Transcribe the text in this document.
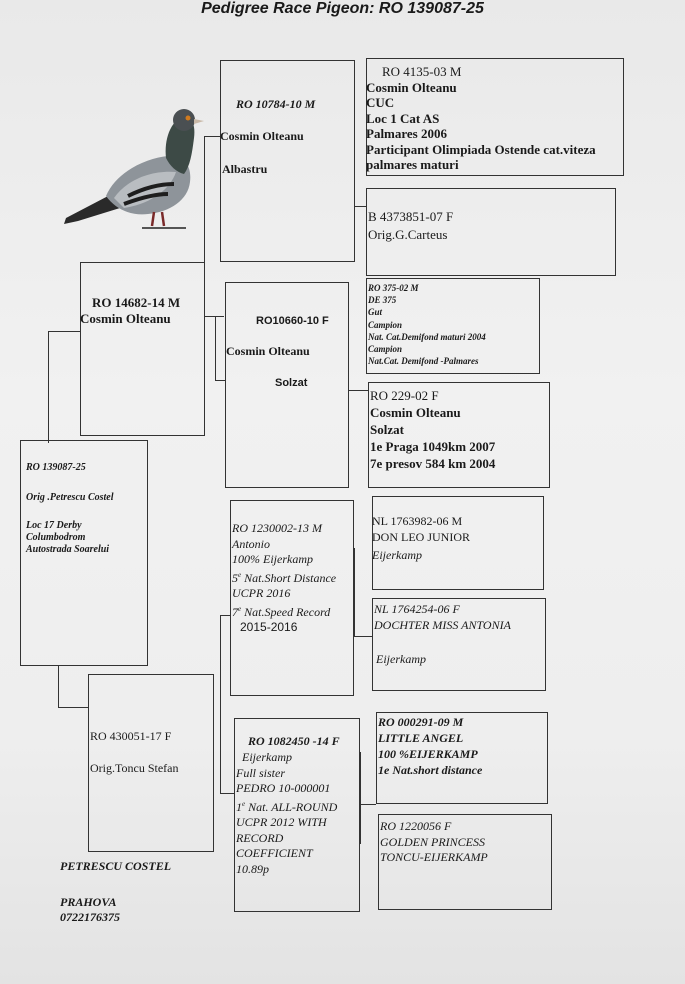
Pedigree Race Pigeon: RO 139087-25
RO 139087-25
Orig .Petrescu Costel
Loc 17 Derby
Columbodrom
Autostrada Soarelui
RO 14682-14 M
Cosmin Olteanu
RO 430051-17 F
Orig.Toncu Stefan
RO 10784-10 M
Cosmin Olteanu
Albastru
RO10660-10 F
Cosmin Olteanu
Solzat
RO 1230002-13 M
Antonio
100% Eijerkamp
5e Nat.Short Distance
UCPR 2016
7e Nat.Speed Record
2015-2016
RO 1082450 -14 F
Eijerkamp
Full sister
PEDRO 10-000001
1e Nat. ALL-ROUND
UCPR 2012 WITH
RECORD
COEFFICIENT
10.89p
RO 4135-03 M
Cosmin Olteanu
CUC
Loc 1 Cat AS
Palmares 2006
Participant Olimpiada Ostende cat.viteza
palmares maturi
B 4373851-07 F
Orig.G.Carteus
RO 375-02 M
DE 375
Gut
Campion
Nat. Cat.Demifond maturi 2004
Campion
Nat.Cat. Demifond -Palmares
RO 229-02 F
Cosmin Olteanu
Solzat
1e Praga 1049km 2007
7e presov 584 km 2004
NL 1763982-06 M
DON LEO JUNIOR
Eijerkamp
NL 1764254-06 F
DOCHTER MISS ANTONIA
Eijerkamp
RO 000291-09 M
LITTLE ANGEL
100 %EIJERKAMP
1e Nat.short distance
RO 1220056 F
GOLDEN PRINCESS
TONCU-EIJERKAMP
PETRESCU COSTEL
PRAHOVA
0722176375
